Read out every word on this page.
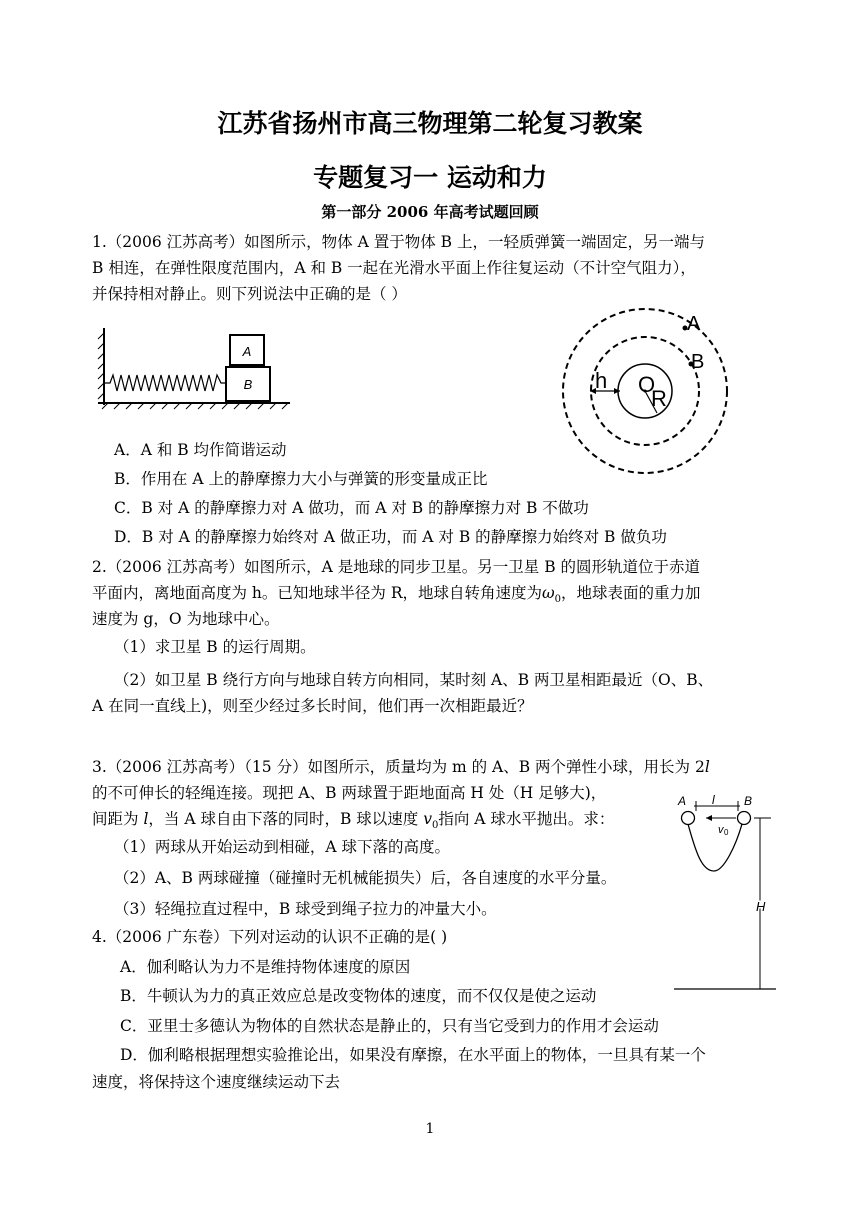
江苏省扬州市高三物理第二轮复习教案
专题复习一 运动和力
第一部分 2006 年高考试题回顾
1.（2006 江苏高考）如图所示，物体 A 置于物体 B 上，一轻质弹簧一端固定，另一端与
B 相连，在弹性限度范围内，A 和 B 一起在光滑水平面上作往复运动（不计空气阻力），
并保持相对静止。则下列说法中正确的是（ ）
A
B	h O
R
A
B
A．A 和 B 均作简谐运动
B．作用在 A 上的静摩擦力大小与弹簧的形变量成正比
C．B 对 A 的静摩擦力对 A 做功，而 A 对 B 的静摩擦力对 B 不做功
D．B 对 A 的静摩擦力始终对 A 做正功，而 A 对 B 的静摩擦力始终对 B 做负功
2.（2006 江苏高考）如图所示，A 是地球的同步卫星。另一卫星 B 的圆形轨道位于赤道
平面内，离地面高度为 h。已知地球半径为 R，地球自转角速度为$\omega_0$，地球表面的重力加
速度为 g，O 为地球中心。
（1）求卫星 B 的运行周期。
（2）如卫星 B 绕行方向与地球自转方向相同，某时刻 A、B 两卫星相距最近（O、B、
A 在同一直线上)，则至少经过多长时间，他们再一次相距最近？
3.（2006 江苏高考）（15 分）如图所示，质量均为 m 的 A、B 两个弹性小球，用长为 2l
的不可伸长的轻绳连接。现把 A、B 两球置于距地面高 H 处（H 足够大)，
间距为 l，当 A 球自由下落的同时，B 球以速度 $v_0$指向 A 球水平抛出。求：
（1）两球从开始运动到相碰，A 球下落的高度。
（2）A、B 两球碰撞（碰撞时无机械能损失）后，各自速度的水平分量。
（3）轻绳拉直过程中，B 球受到绳子拉力的冲量大小。
A	B
l
v 0
H
4.（2006 广东卷）下列对运动的认识不正确的是( )
A．伽利略认为力不是维持物体速度的原因
B．牛顿认为力的真正效应总是改变物体的速度，而不仅仅是使之运动
C．亚里士多德认为物体的自然状态是静止的，只有当它受到力的作用才会运动
D．伽利略根据理想实验推论出，如果没有摩擦，在水平面上的物体，一旦具有某一个
速度，将保持这个速度继续运动下去
1
